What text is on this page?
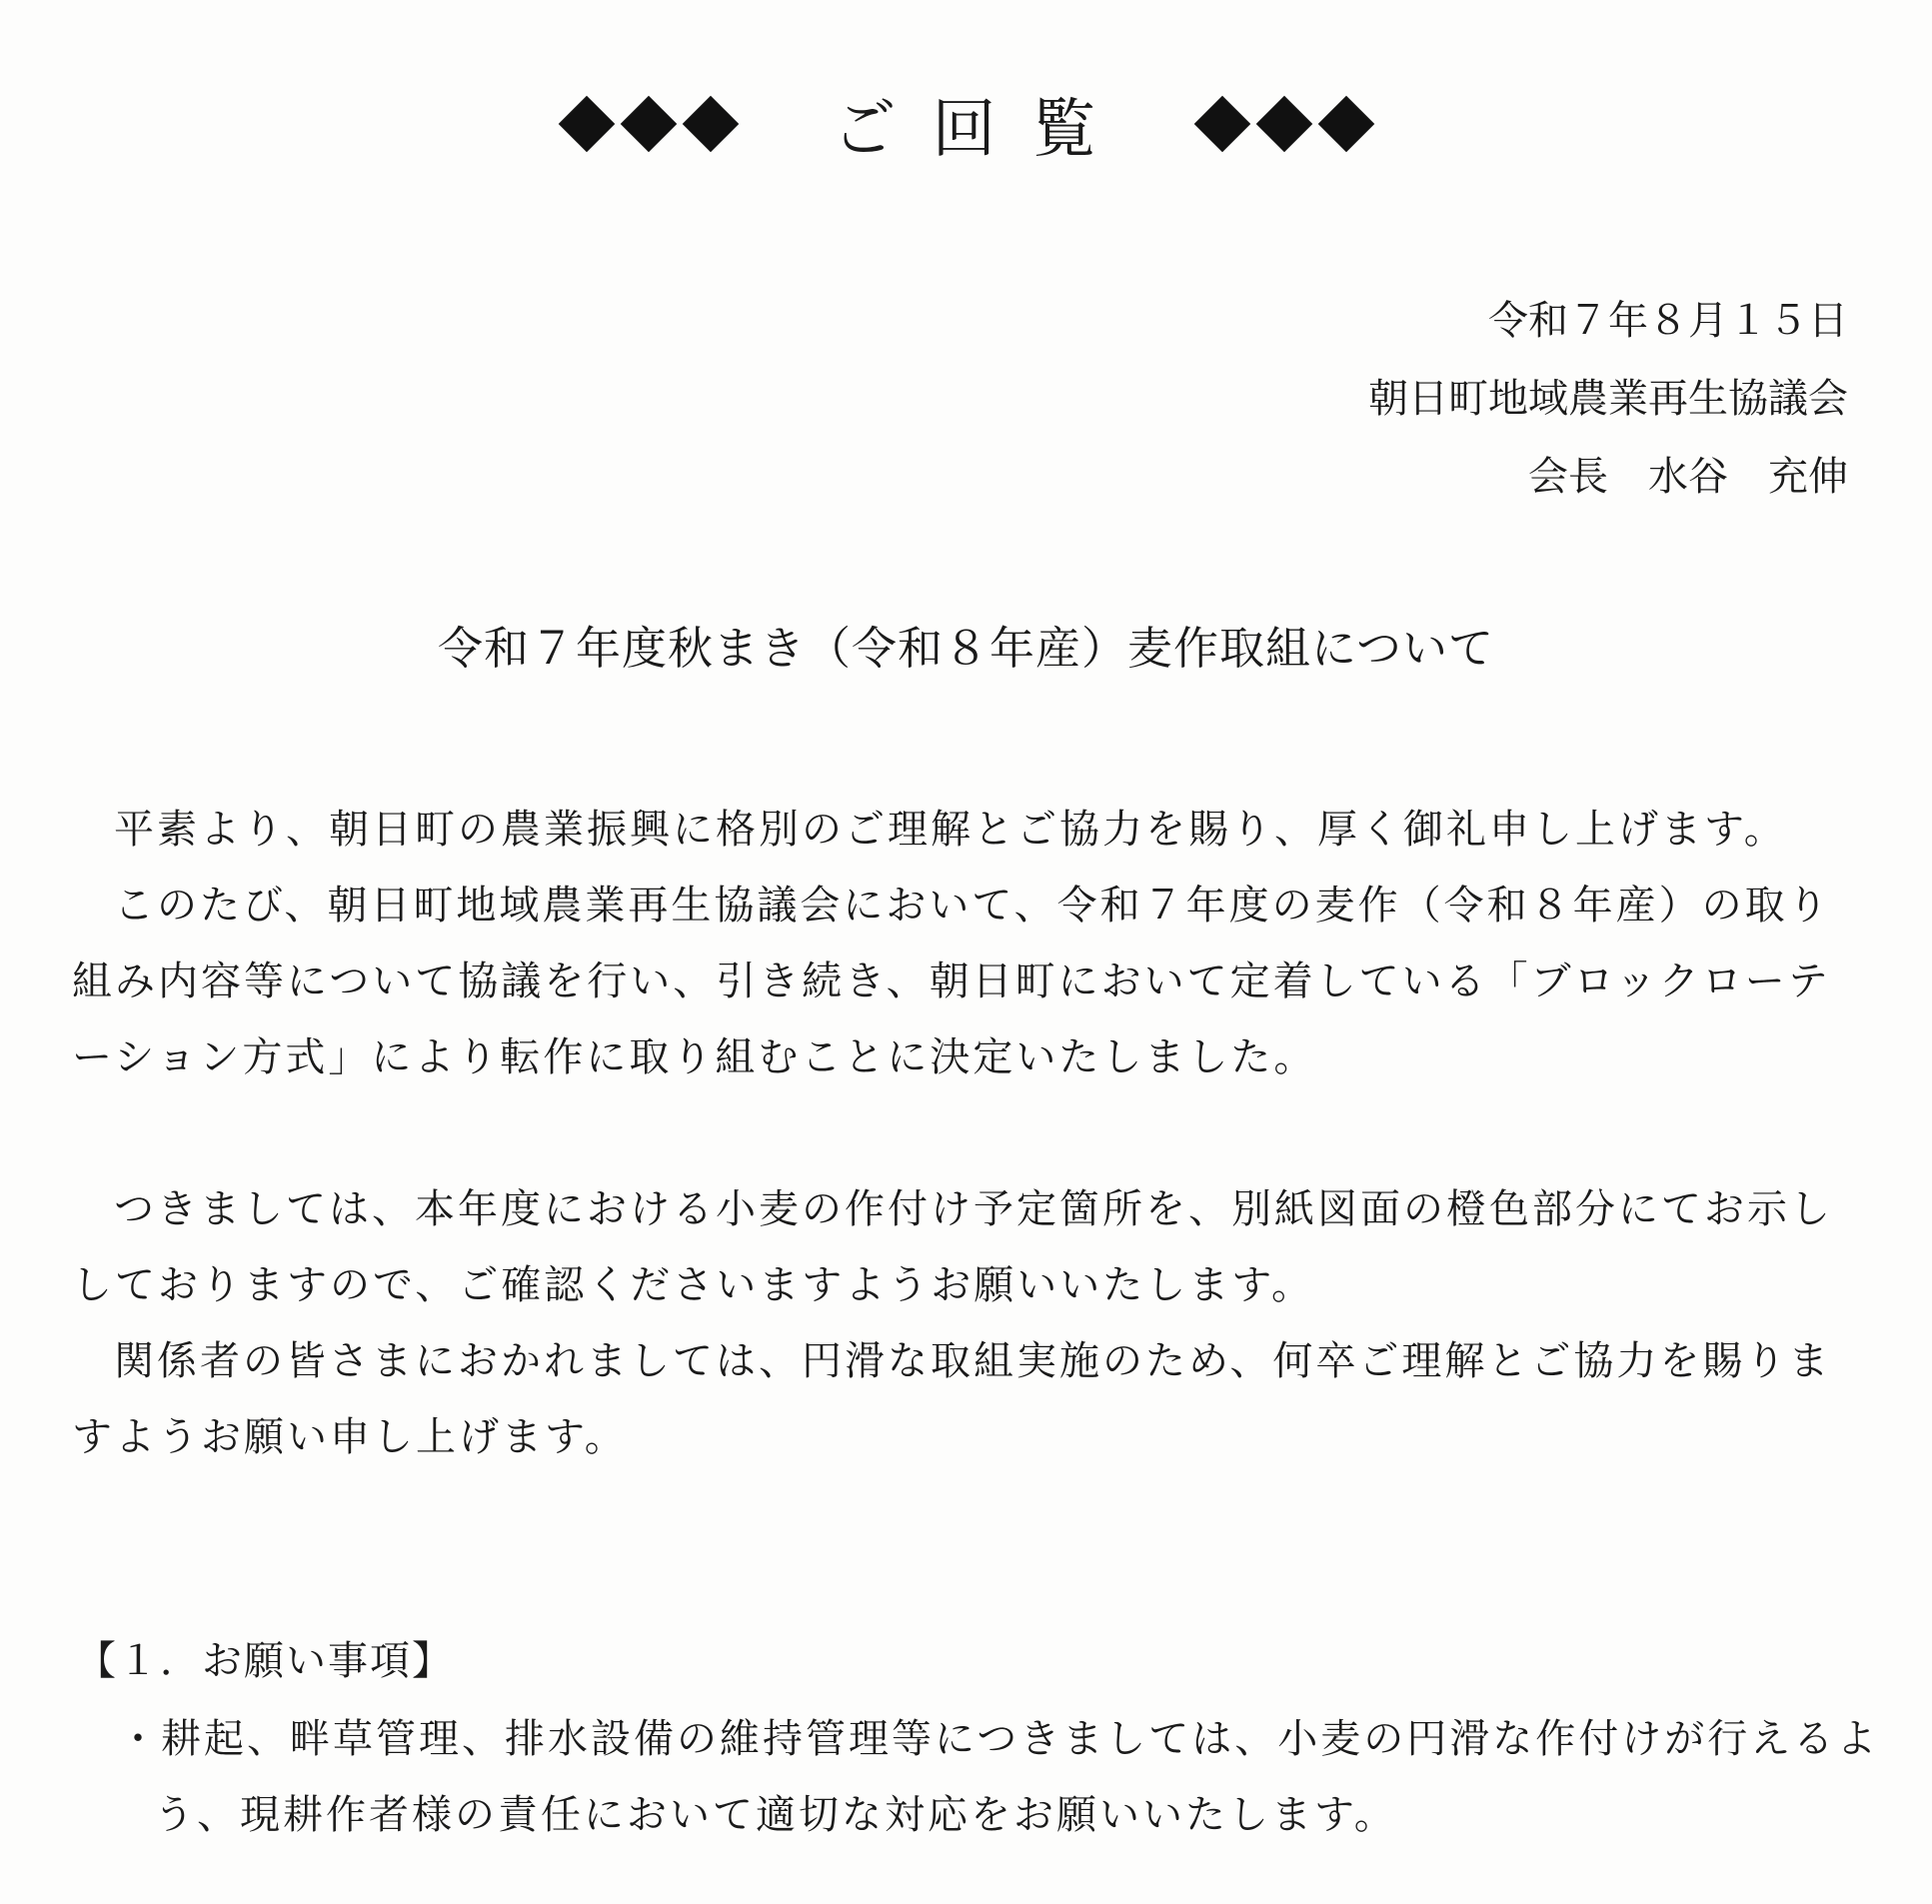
ご回覧
令和７年８月１５日
朝日町地域農業再生協議会
会長　水谷　充伸
令和７年度秋まき（令和８年産）麦作取組について

平素より、朝日町の農業振興に格別のご理解とご協力を賜り、厚く御礼申し上げます。

このたび、朝日町地域農業再生協議会において、令和７年度の麦作（令和８年産）の取り組み内容等について協議を行い、引き続き、朝日町において定着している「ブロックローテーション方式」により転作に取り組むことに決定いたしました。

つきましては、本年度における小麦の作付け予定箇所を、別紙図面の橙色部分にてお示ししておりますので、ご確認くださいますようお願いいたします。

関係者の皆さまにおかれましては、円滑な取組実施のため、何卒ご理解とご協力を賜りますようお願い申し上げます。

【１．お願い事項】
・耕起、畔草管理、排水設備の維持管理等につきましては、小麦の円滑な作付けが行えるよう、現耕作者様の責任において適切な対応をお願いいたします。
